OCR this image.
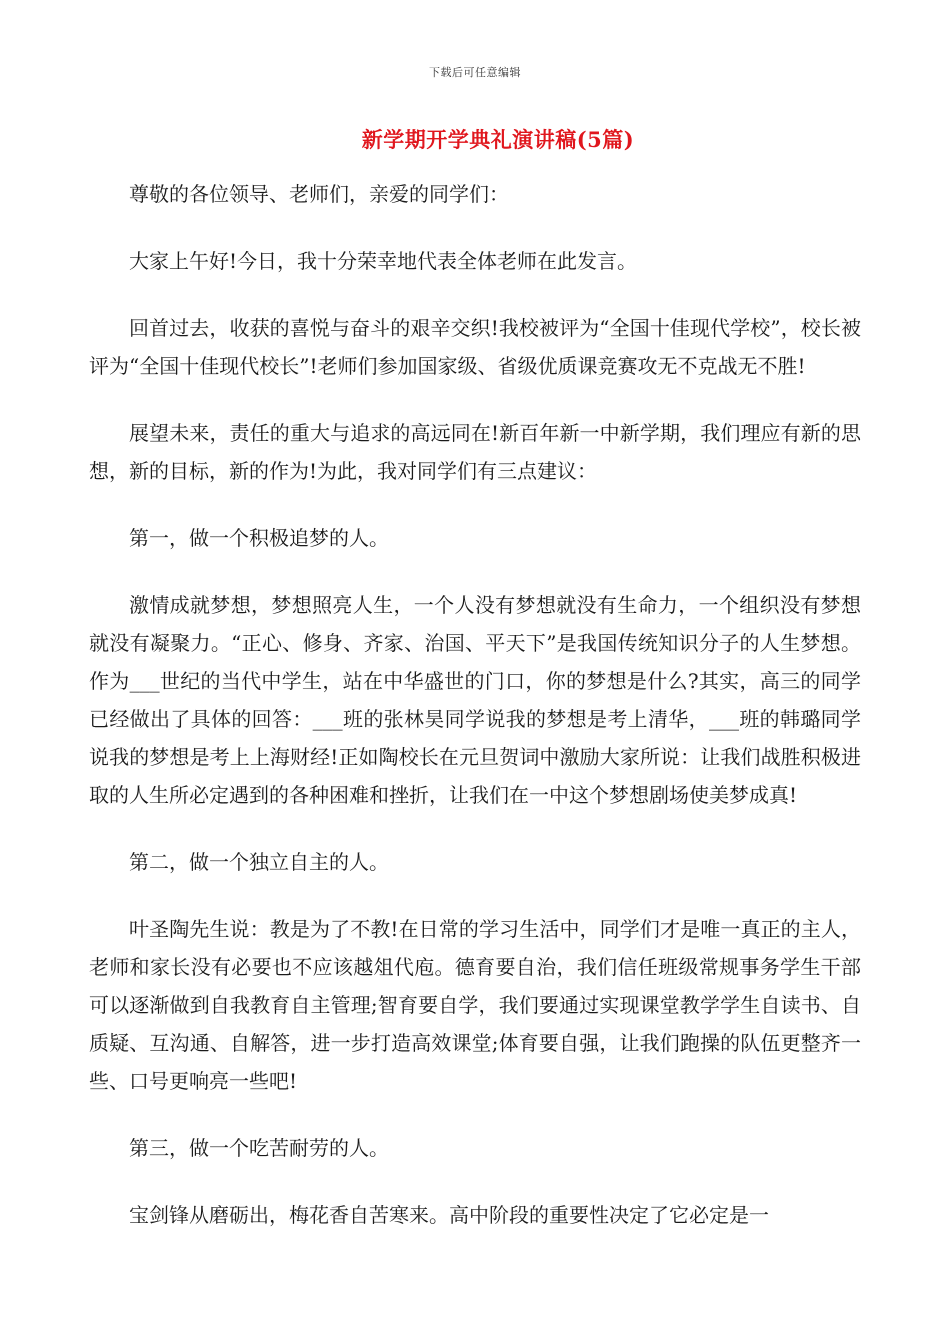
下载后可任意编辑
新学期开学典礼演讲稿(5篇)

尊敬的各位领导、老师们，亲爱的同学们：

大家上午好!今日，我十分荣幸地代表全体老师在此发言。

回首过去，收获的喜悦与奋斗的艰辛交织!我校被评为“全国十佳现代学校”，校长被评为“全国十佳现代校长”!老师们参加国家级、省级优质课竞赛攻无不克战无不胜!

展望未来，责任的重大与追求的高远同在!新百年新一中新学期，我们理应有新的思想，新的目标，新的作为!为此，我对同学们有三点建议：

第一，做一个积极追梦的人。

激情成就梦想，梦想照亮人生，一个人没有梦想就没有生命力，一个组织没有梦想就没有凝聚力。“正心、修身、齐家、治国、平天下”是我国传统知识分子的人生梦想。作为___世纪的当代中学生，站在中华盛世的门口，你的梦想是什么?其实，高三的同学已经做出了具体的回答：___班的张林昊同学说我的梦想是考上清华，___班的韩璐同学说我的梦想是考上上海财经!正如陶校长在元旦贺词中激励大家所说：让我们战胜积极进取的人生所必定遇到的各种困难和挫折，让我们在一中这个梦想剧场使美梦成真!

第二，做一个独立自主的人。

叶圣陶先生说：教是为了不教!在日常的学习生活中，同学们才是唯一真正的主人，老师和家长没有必要也不应该越俎代庖。德育要自治，我们信任班级常规事务学生干部可以逐渐做到自我教育自主管理;智育要自学，我们要通过实现课堂教学学生自读书、自质疑、互沟通、自解答，进一步打造高效课堂;体育要自强，让我们跑操的队伍更整齐一些、口号更响亮一些吧!

第三，做一个吃苦耐劳的人。

宝剑锋从磨砺出，梅花香自苦寒来。高中阶段的重要性决定了它必定是一
